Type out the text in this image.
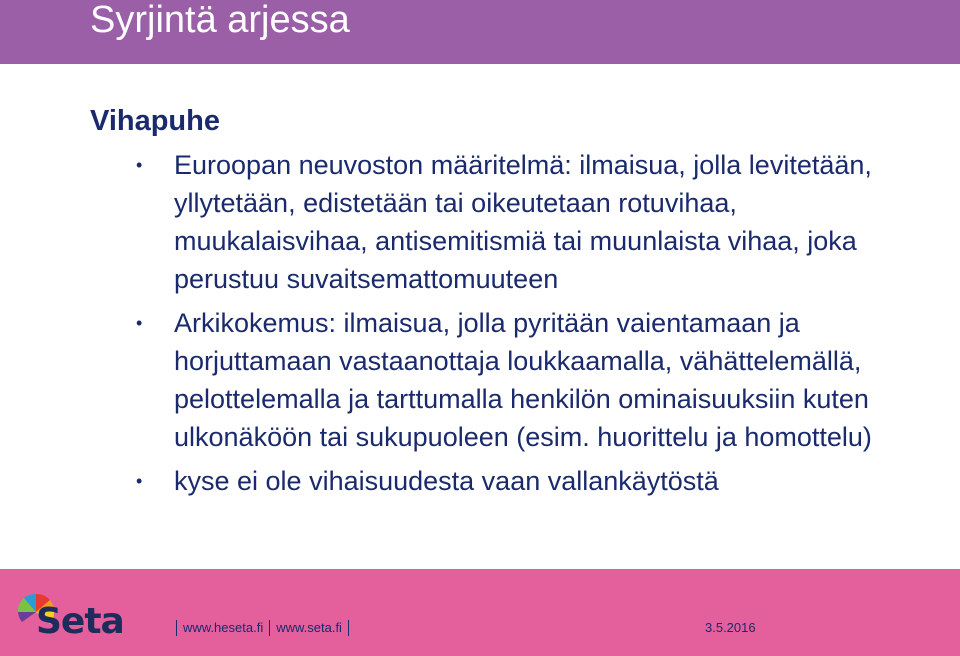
Syrjintä arjessa
Vihapuhe
• Euroopan neuvoston määritelmä: ilmaisua, jolla levitetään, yllytetään, edistetään tai oikeutetaan rotuvihaa, muukalaisvihaa, antisemitismiä tai muunlaista vihaa, joka perustuu suvaitsemattomuuteen
• Arkikokemus: ilmaisua, jolla pyritään vaientamaan ja horjuttamaan vastaanottaja loukkaamalla, vähättelemällä, pelottelemalla ja tarttumalla henkilön ominaisuuksiin kuten ulkonäköön tai sukupuoleen (esim. huorittelu ja homottelu)
• kyse ei ole vihaisuudesta vaan vallankäytöstä
Seta	www.heseta.fi www.seta.fi	3.5.2016
